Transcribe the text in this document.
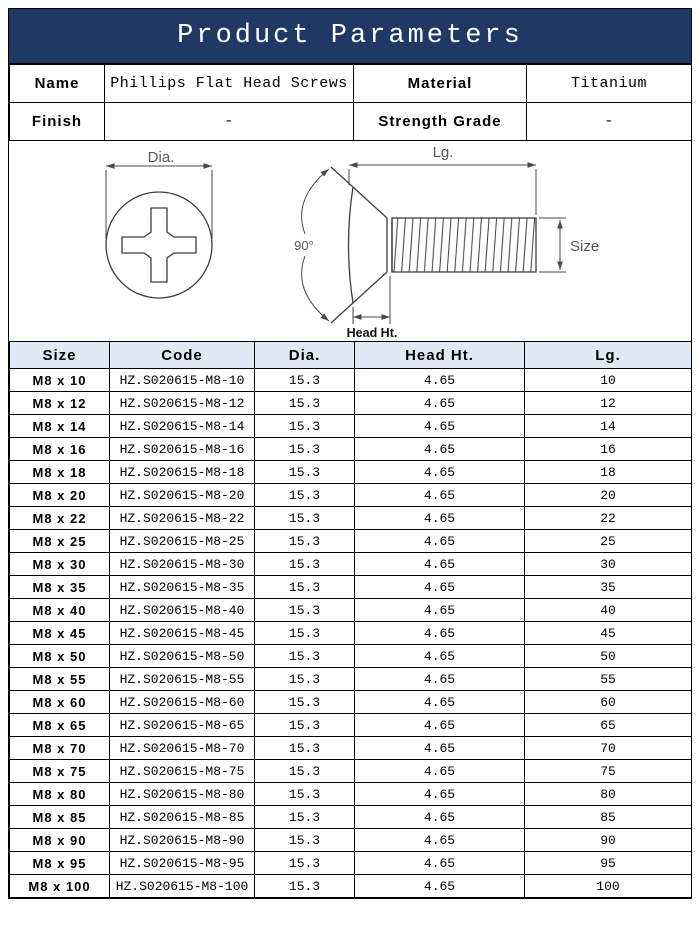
Product Parameters
Name	Phillips Flat Head Screws	Material	Titanium
Finish	-	Strength Grade	-
Dia.	Lg.
90°	Size
Head Ht.
Size	Code	Dia.	Head Ht.	Lg.
M8 x 10	HZ.S020615-M8-10	15.3	4.65	10
M8 x 12	HZ.S020615-M8-12	15.3	4.65	12
M8 x 14	HZ.S020615-M8-14	15.3	4.65	14
M8 x 16	HZ.S020615-M8-16	15.3	4.65	16
M8 x 18	HZ.S020615-M8-18	15.3	4.65	18
M8 x 20	HZ.S020615-M8-20	15.3	4.65	20
M8 x 22	HZ.S020615-M8-22	15.3	4.65	22
M8 x 25	HZ.S020615-M8-25	15.3	4.65	25
M8 x 30	HZ.S020615-M8-30	15.3	4.65	30
M8 x 35	HZ.S020615-M8-35	15.3	4.65	35
M8 x 40	HZ.S020615-M8-40	15.3	4.65	40
M8 x 45	HZ.S020615-M8-45	15.3	4.65	45
M8 x 50	HZ.S020615-M8-50	15.3	4.65	50
M8 x 55	HZ.S020615-M8-55	15.3	4.65	55
M8 x 60	HZ.S020615-M8-60	15.3	4.65	60
M8 x 65	HZ.S020615-M8-65	15.3	4.65	65
M8 x 70	HZ.S020615-M8-70	15.3	4.65	70
M8 x 75	HZ.S020615-M8-75	15.3	4.65	75
M8 x 80	HZ.S020615-M8-80	15.3	4.65	80
M8 x 85	HZ.S020615-M8-85	15.3	4.65	85
M8 x 90	HZ.S020615-M8-90	15.3	4.65	90
M8 x 95	HZ.S020615-M8-95	15.3	4.65	95
M8 x 100	HZ.S020615-M8-100	15.3	4.65	100
